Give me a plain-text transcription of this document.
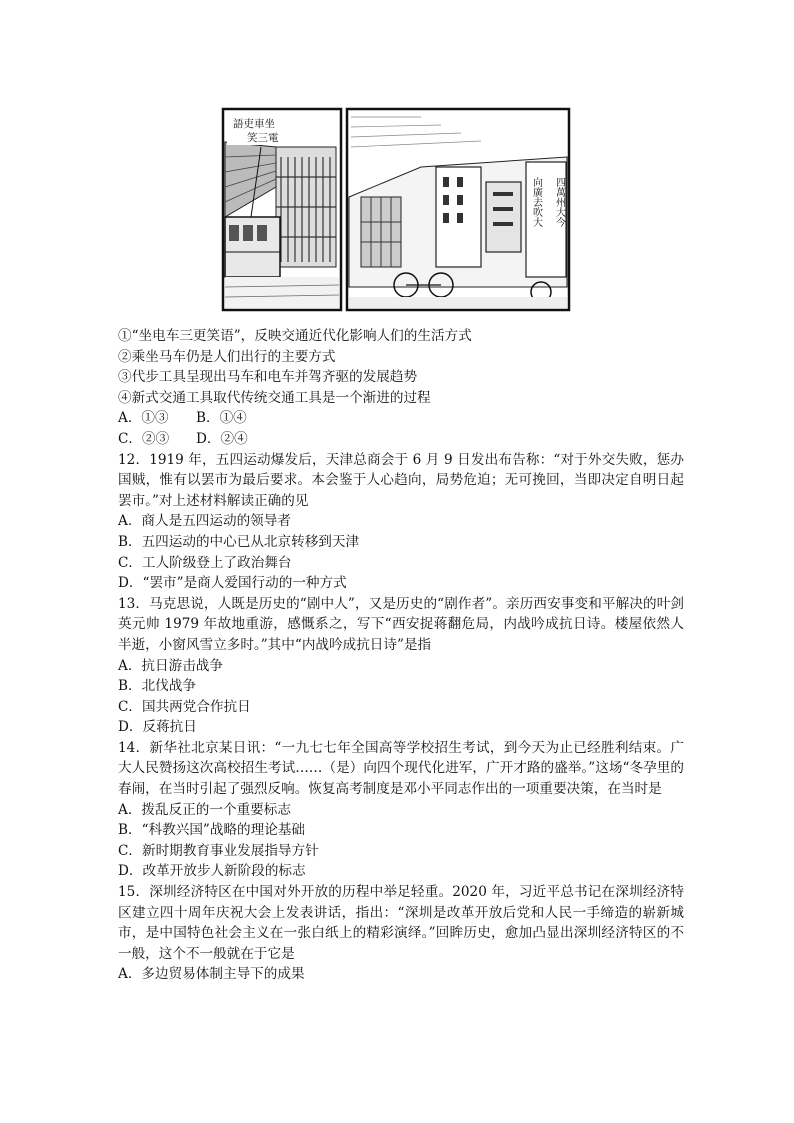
語吏車坐
笑三電
四萬州大今
向廣去吹大
①“坐电车三更笑语”，反映交通近代化影响人们的生活方式
②乘坐马车仍是人们出行的主要方式
③代步工具呈现出马车和电车并驾齐驱的发展趋势
④新式交通工具取代传统交通工具是一个渐进的过程
A．①③	B．①④
C．②③	D．②④
12．1919 年，五四运动爆发后，天津总商会于 6 月 9 日发出布告称：“对于外交失败，惩办国贼，惟有以罢市为最后要求。本会鉴于人心趋向，局势危迫；无可挽回，当即决定自明日起罢市。”对上述材料解读正确的见
A．商人是五四运动的领导者
B．五四运动的中心已从北京转移到天津
C．工人阶级登上了政治舞台
D．“罢市”是商人爱国行动的一种方式
13．马克思说，人既是历史的“剧中人”，又是历史的“剧作者”。亲历西安事变和平解决的叶剑英元帅 1979 年故地重游，感慨系之，写下“西安捉蒋翻危局，内战吟成抗日诗。楼屋依然人半逝，小窗风雪立多时。”其中“内战吟成抗日诗”是指
A．抗日游击战争
B．北伐战争
C．国共两党合作抗日
D．反蒋抗日
14．新华社北京某日讯：“一九七七年全国高等学校招生考试，到今天为止已经胜利结束。广大人民赞扬这次高校招生考试……（是）向四个现代化进军，广开才路的盛举。”这场“冬孕里的春闹，在当时引起了强烈反响。恢复高考制度是邓小平同志作出的一项重要决策，在当时是
A．拨乱反正的一个重要标志
B．“科教兴国”战略的理论基础
C．新时期教育事业发展指导方针
D．改革开放步人新阶段的标志
15．深圳经济特区在中国对外开放的历程中举足轻重。2020 年，习近平总书记在深圳经济特区建立四十周年庆祝大会上发表讲话，指出：“深圳是改革开放后党和人民一手缔造的崭新城市，是中国特色社会主义在一张白纸上的精彩演绎。”回眸历史，愈加凸显出深圳经济特区的不一般，这个不一般就在于它是
A．多边贸易体制主导下的成果
